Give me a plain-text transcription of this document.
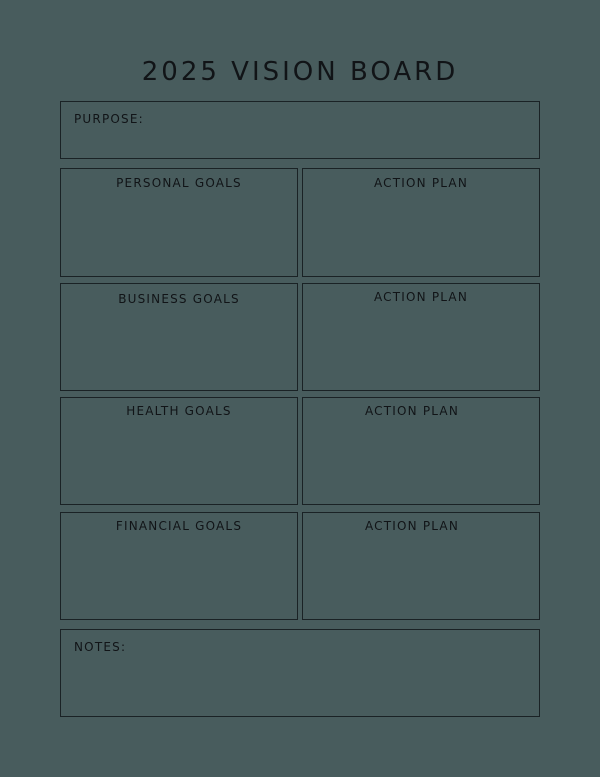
2025 VISION BOARD
PURPOSE:
PERSONAL GOALS	ACTION PLAN
BUSINESS GOALS	ACTION PLAN
HEALTH GOALS	ACTION PLAN
FINANCIAL GOALS	ACTION PLAN
NOTES:
